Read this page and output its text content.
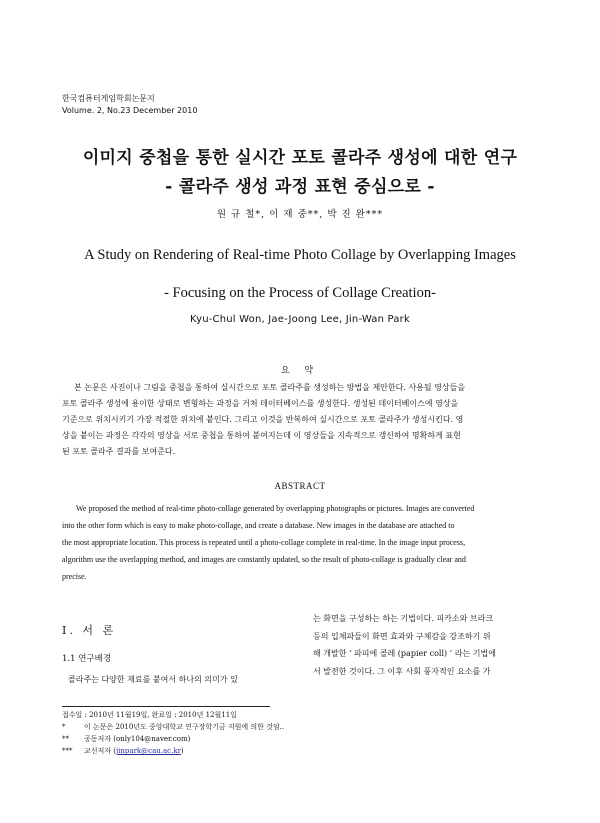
한국컴퓨터게임학회논문지
Volume. 2, No.23 December 2010
이미지 중첩을 통한 실시간 포토 콜라주 생성에 대한 연구
- 콜라주 생성 과정 표현 중심으로 -
원 규 철*, 이 재 중**, 박 진 완***
A Study on Rendering of Real-time Photo Collage by Overlapping Images
- Focusing on the Process of Collage Creation-
Kyu-Chul Won, Jae-Joong Lee, Jin-Wan Park
요 약
본 논문은 사진이나 그림을 중첩을 통하여 실시간으로 포토 콜라주를 생성하는 방법을 제안한다. 사용될 영상들을
포토 콜라주 생성에 용이한 상태로 변형하는 과정을 거쳐 데이터베이스를 생성한다. 생성된 데이터베이스에 영상을
기준으로 위치시키기 가장 적절한 위치에 붙인다. 그리고 이것을 반복하여 실시간으로 포토 콜라주가 생성시킨다. 영
상을 붙이는 과정은 각각의 영상을 서로 중첩을 통하여 붙여지는데 이 영상들을 지속적으로 갱신하여 명확하게 표현
된 포토 콜라주 결과를 보여준다.
ABSTRACT
We proposed the method of real-time photo-collage generated by overlapping photographs or pictures. Images are converted
into the other form which is easy to make photo-collage, and create a database. New images in the database are attached to
the most appropriate location. This process is repeated until a photo-collage complete in real-time. In the image input process,
algorithm use the overlapping method, and images are constantly updated, so the result of photo-collage is gradually clear and
precise.
Ⅰ. 서 론
1.1 연구배경
콜라주는 다양한 재료를 붙여서 하나의 의미가 있
는 화면을 구성하는 하는 기법이다. 피카소와 브라크
등의 입체파들이 화면 효과와 구체감을 강조하기 위
해 개발한 ‘ 파피에 콜레 (papier coll) ’ 라는 기법에
서 발전한 것이다. 그 이후 사회 풍자적인 요소를 가
접수일 : 2010년 11월19일, 완료일 : 2010년 12월11일
*	이 논문은 2010년도 중앙대학교 연구장학기금 지원에 의한 것임..
** 공동저자 (only104@naver.com)
*** 교신저자 (jinpark@cau.ac.kr)
